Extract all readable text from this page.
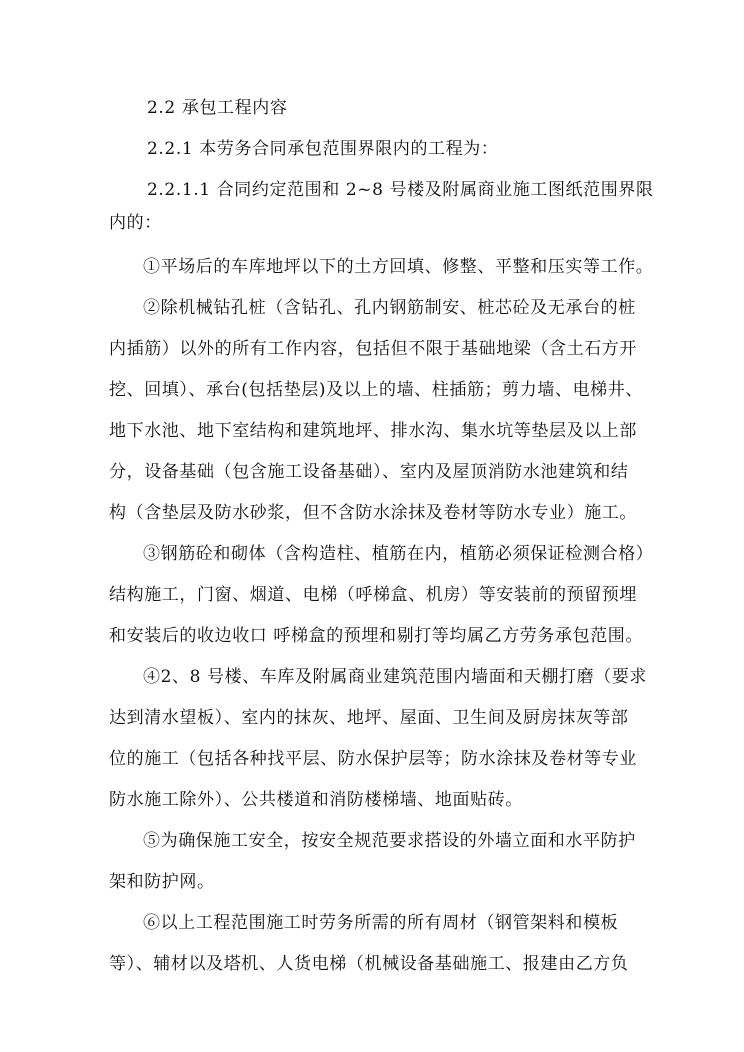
2.2 承包工程内容
2.2.1 本劳务合同承包范围界限内的工程为：
2.2.1.1 合同约定范围和 2~8 号楼及附属商业施工图纸范围界限
内的：
①平场后的车库地坪以下的土方回填、修整、平整和压实等工作。
②除机械钻孔桩（含钻孔、孔内钢筋制安、桩芯砼及无承台的桩
内插筋）以外的所有工作内容，包括但不限于基础地梁（含土石方开
挖、回填）、承台(包括垫层)及以上的墙、柱插筋；剪力墙、电梯井、
地下水池、地下室结构和建筑地坪、排水沟、集水坑等垫层及以上部
分，设备基础（包含施工设备基础）、室内及屋顶消防水池建筑和结
构（含垫层及防水砂浆，但不含防水涂抹及卷材等防水专业）施工。
③钢筋砼和砌体（含构造柱、植筋在内，植筋必须保证检测合格）
结构施工，门窗、烟道、电梯（呼梯盒、机房）等安装前的预留预埋
和安装后的收边收口 呼梯盒的预埋和剔打等均属乙方劳务承包范围。
④2、8 号楼、车库及附属商业建筑范围内墙面和天棚打磨（要求
达到清水望板）、室内的抹灰、地坪、屋面、卫生间及厨房抹灰等部
位的施工（包括各种找平层、防水保护层等；防水涂抹及卷材等专业
防水施工除外）、公共楼道和消防楼梯墙、地面贴砖。
⑤为确保施工安全，按安全规范要求搭设的外墙立面和水平防护
架和防护网。
⑥以上工程范围施工时劳务所需的所有周材（钢管架料和模板
等）、辅材以及塔机、人货电梯（机械设备基础施工、报建由乙方负
